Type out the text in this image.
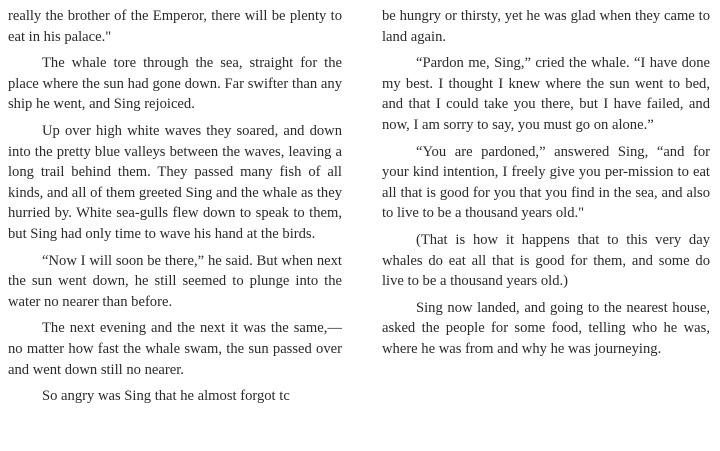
really the brother of the Emperor, there will be plenty to eat in his palace."

The whale tore through the sea, straight for the place where the sun had gone down. Far swifter than any ship he went, and Sing rejoiced.

Up over high white waves they soared, and down into the pretty blue valleys between the waves, leaving a long trail behind them. They passed many fish of all kinds, and all of them greeted Sing and the whale as they hurried by. White sea-gulls flew down to speak to them, but Sing had only time to wave his hand at the birds.

“Now I will soon be there,” he said. But when next the sun went down, he still seemed to plunge into the water no nearer than before.

The next evening and the next it was the same,—no matter how fast the whale swam, the sun passed over and went down still no nearer.

So angry was Sing that he almost forgot tc

be hungry or thirsty, yet he was glad when they came to land again.

“Pardon me, Sing,” cried the whale. “I have done my best. I thought I knew where the sun went to bed, and that I could take you there, but I have failed, and now, I am sorry to say, you must go on alone.”

“You are pardoned,” answered Sing, “and for your kind intention, I freely give you per-mission to eat all that is good for you that you find in the sea, and also to live to be a thousand years old."

(That is how it happens that to this very day whales do eat all that is good for them, and some do live to be a thousand years old.)

Sing now landed, and going to the nearest house, asked the people for some food, telling who he was, where he was from and why he was journeying.
